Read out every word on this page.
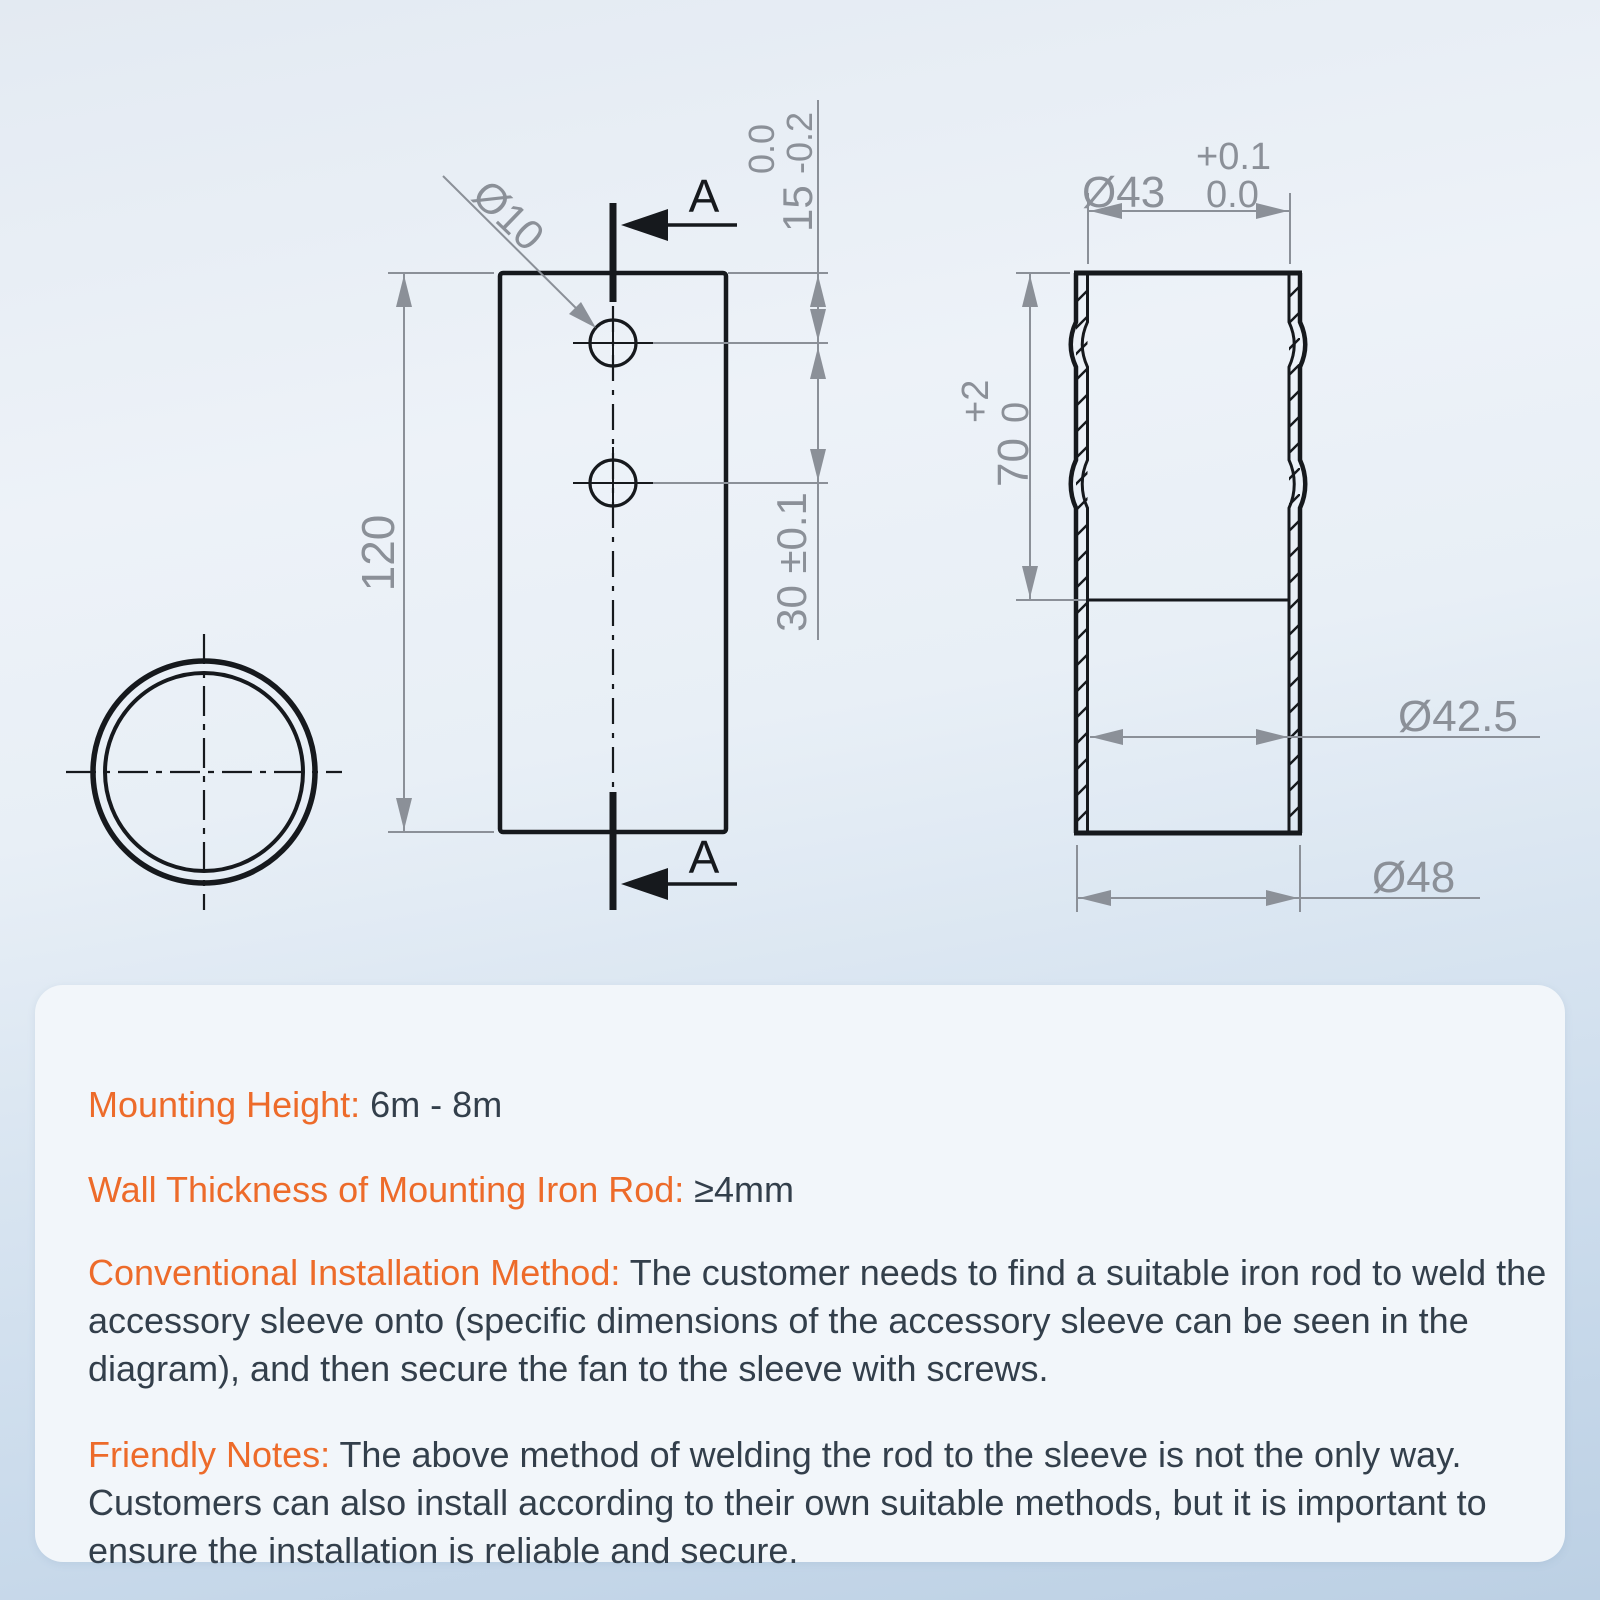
A
A
120
Ø10	15
0.0
-0.2
30 ±0.1
Ø43
+0.1
0.0
70
+2
0
Ø42.5
Ø48

Mounting Height: 6m - 8m

Wall Thickness of Mounting Iron Rod: ≥4mm

Conventional Installation Method: The customer needs to find a suitable iron rod to weld the accessory sleeve onto (specific dimensions of the accessory sleeve can be seen in the diagram), and then secure the fan to the sleeve with screws.

Friendly Notes: The above method of welding the rod to the sleeve is not the only way. Customers can also install according to their own suitable methods, but it is important to ensure the installation is reliable and secure.
